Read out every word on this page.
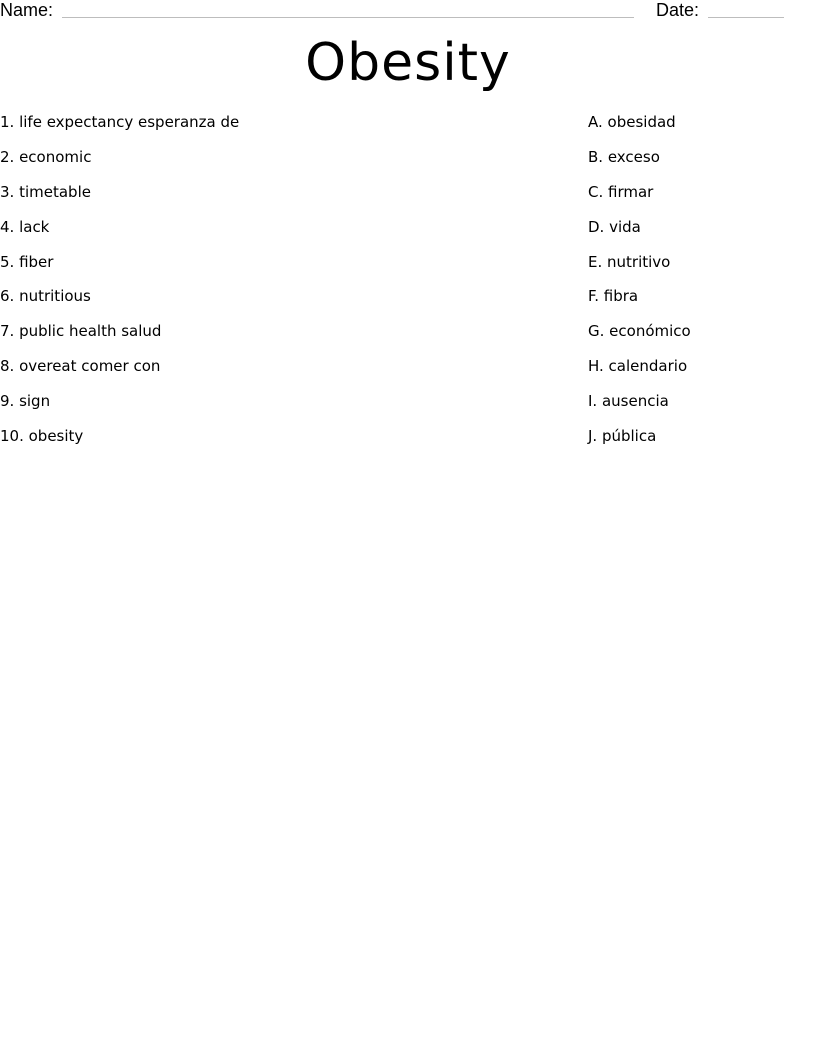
Name:	Date:
Obesity
1. life expectancy esperanza de
2. economic
3. timetable
4. lack
5. fiber
6. nutritious
7. public health salud
8. overeat comer con
9. sign
10. obesity
A. obesidad
B. exceso
C. firmar
D. vida
E. nutritivo
F. fibra
G. económico
H. calendario
I. ausencia
J. pública
